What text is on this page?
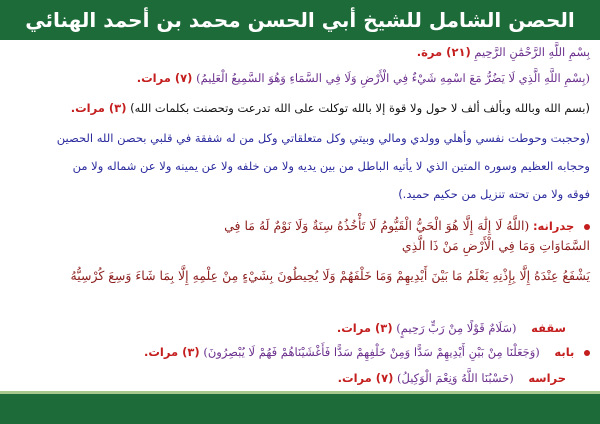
الحصن الشامل للشيخ أبي الحسن محمد بن أحمد الهنائي
بِسْمِ اللَّهِ الرَّحْمَٰنِ الرَّحِيمِ (٢١) مرة.
(بِسْمِ اللَّهِ الَّذِي لَا يَضُرُّ مَعَ اسْمِهِ شَيْءٌ فِي الْأَرْضِ وَلَا فِي السَّمَاءِ وَهُوَ السَّمِيعُ الْعَلِيمُ) (٧) مرات.
(بسم الله وبالله وبألف ألف لا حول ولا قوة إلا بالله توكلت على الله تدرعت وتحصنت بكلمات الله) (٣) مرات.
(وحجبت وحوطت نفسي وأهلي وولدي ومالي وبيتي وكل متعلقاتي وكل من له شفقة في قلبي بحصن الله الحصين
وحجابه العظيم وسوره المتين الذي لا يأتيه الباطل من بين يديه ولا من خلفه ولا عن يمينه ولا عن شماله ولا من
فوقه ولا من تحته تنزيل من حكيم حميد.)
جدرانه: (اللَّهُ لَا إِلَٰهَ إِلَّا هُوَ الْحَيُّ الْقَيُّومُ لَا تَأْخُذُهُ سِنَةٌ وَلَا نَوْمٌ لَهُ مَا فِي
السَّمَاوَاتِ وَمَا فِي الْأَرْضِ مَنْ ذَا الَّذِي
يَشْفَعُ عِنْدَهُ إِلَّا بِإِذْنِهِ يَعْلَمُ مَا بَيْنَ أَيْدِيهِمْ وَمَا خَلْفَهُمْ وَلَا يُحِيطُونَ بِشَيْءٍ مِنْ عِلْمِهِ إِلَّا بِمَا شَاءَ وَسِعَ كُرْسِيُّهُ
سقفه    (سَلَامٌ قَوْلًا مِنْ رَبٍّ رَحِيمٍ) (٣) مرات.
بابه    (وَجَعَلْنَا مِنْ بَيْنِ أَيْدِيهِمْ سَدًّا وَمِنْ خَلْفِهِمْ سَدًّا فَأَغْشَيْنَاهُمْ فَهُمْ لَا يُبْصِرُونَ) (٣) مرات.
حراسه    (حَسْبُنَا اللَّهُ وَنِعْمَ الْوَكِيلُ) (٧) مرات.
